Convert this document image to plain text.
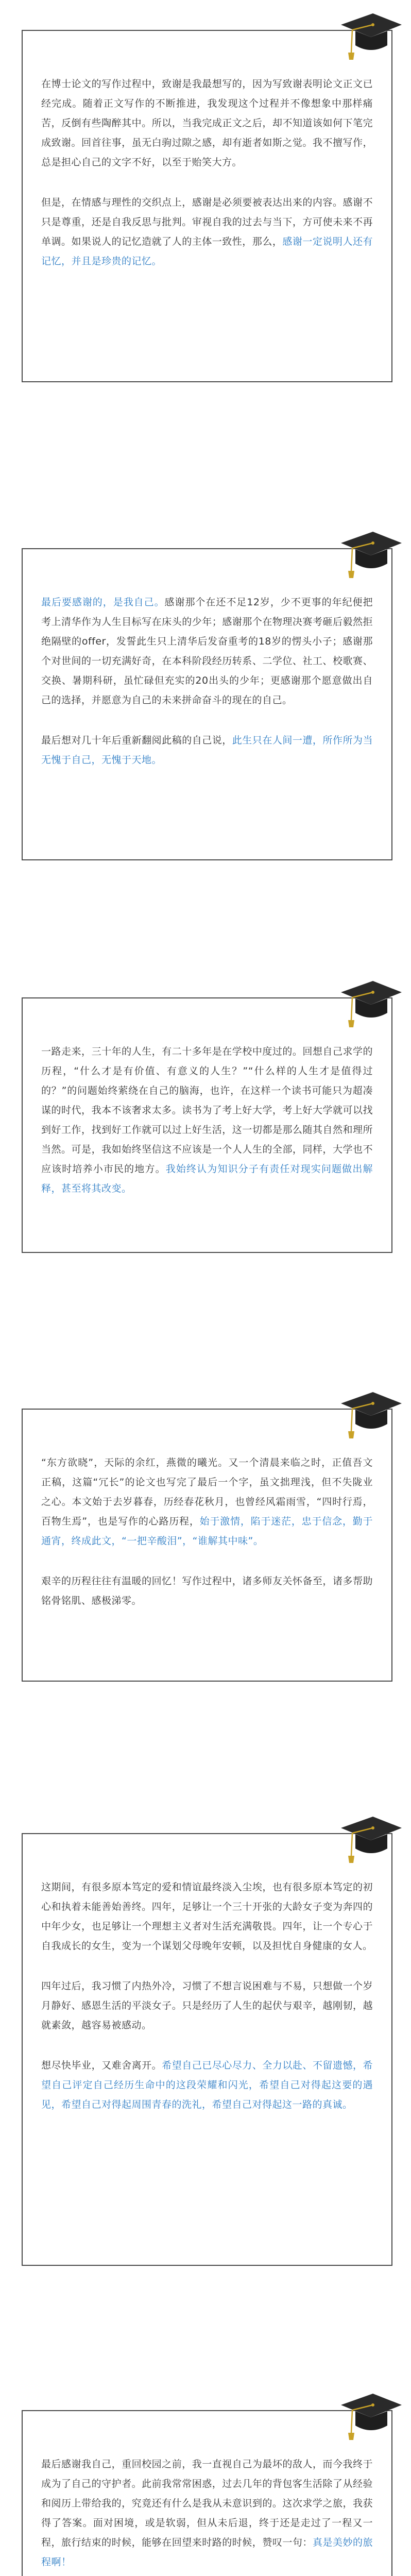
在博士论文的写作过程中，致谢是我最想写的，因为写致谢表明论文正文已经完成。随着正文写作的不断推进，我发现这个过程并不像想象中那样痛苦，反倒有些陶醉其中。所以，当我完成正文之后，却不知道该如何下笔完成致谢。回首往事，虽无白驹过隙之感，却有逝者如斯之觉。我不擅写作，总是担心自己的文字不好，以至于贻笑大方。

但是，在情感与理性的交织点上，感谢是必须要被表达出来的内容。感谢不只是尊重，还是自我反思与批判。审视自我的过去与当下，方可使未来不再单调。如果说人的记忆造就了人的主体一致性，那么，感谢一定说明人还有记忆，并且是珍贵的记忆。

最后要感谢的，是我自己。感谢那个在还不足12岁，少不更事的年纪便把考上清华作为人生目标写在床头的少年；感谢那个在物理决赛考砸后毅然拒绝隔壁的offer，发誓此生只上清华后发奋重考的18岁的愣头小子；感谢那个对世间的一切充满好奇，在本科阶段经历转系、二学位、社工、校歌赛、交换、暑期科研，虽忙碌但充实的20出头的少年；更感谢那个愿意做出自己的选择，并愿意为自己的未来拼命奋斗的现在的自己。

最后想对几十年后重新翻阅此稿的自己说，此生只在人间一遭，所作所为当无愧于自己，无愧于天地。

一路走来，三十年的人生，有二十多年是在学校中度过的。回想自己求学的历程，“什么才是有价值、有意义的人生？”“什么样的人生才是值得过的？”的问题始终萦绕在自己的脑海，也许，在这样一个读书可能只为超凑谋的时代，我本不该奢求太多。读书为了考上好大学，考上好大学就可以找到好工作，找到好工作就可以过上好生活，这一切都是那么随其自然和理所当然。可是，我如始终坚信这不应该是一个人人生的全部，同样，大学也不应该时培养小市民的地方。我始终认为知识分子有责任对现实问题做出解释，甚至将其改变。

“东方欲晓”，天际的余红，燕微的曦光。又一个清晨来临之时，正值吾文正稿，这篇“冗长”的论文也写完了最后一个字，虽文拙理浅，但不失陇业之心。本文始于去岁暮春，历经春花秋月，也曾经风霜雨雪，“四时行焉，百物生焉”，也是写作的心路历程，始于激情，陷于迷茫，忠于信念，勤于通宵，终成此文，“一把辛酸泪”，“谁解其中味”。

艰辛的历程往往有温暖的回忆！写作过程中，诸多师友关怀备至，诸多帮助铭骨铭肌、感极涕零。

这期间，有很多原本笃定的爱和情谊最终淡入尘埃，也有很多原本笃定的初心和执着未能善始善终。四年，足够让一个三十开张的大龄女子变为奔四的中年少女，也足够让一个理想主义者对生活充满敬畏。四年，让一个专心于自我成长的女生，变为一个谋划父母晚年安顿，以及担忧自身健康的女人。

四年过后，我习惯了内热外冷，习惯了不想言说困难与不易，只想做一个岁月静好、感恩生活的平淡女子。只是经历了人生的起伏与艰辛，越刚韧，越就素敛，越容易被感动。

想尽快毕业，又难舍离开。希望自己已尽心尽力、全力以赴、不留遗憾，希望自己评定自己经历生命中的这段荣耀和闪光，希望自己对得起这要的遇见，希望自己对得起周围青春的洗礼，希望自己对得起这一路的真诚。

最后感谢我自己，重回校园之前，我一直视自己为最坏的敌人，而今我终于成为了自己的守护者。此前我常常困惑，过去几年的背包客生活除了从经验和阅历上带给我的，究竟还有什么是我从未意识到的。这次求学之旅，我获得了答案。面对困境，或是软弱，但从未后退，终于还是走过了一程又一程，旅行结束的时候，能够在回望来时路的时候，赞叹一句：真是美妙的旅程啊！
